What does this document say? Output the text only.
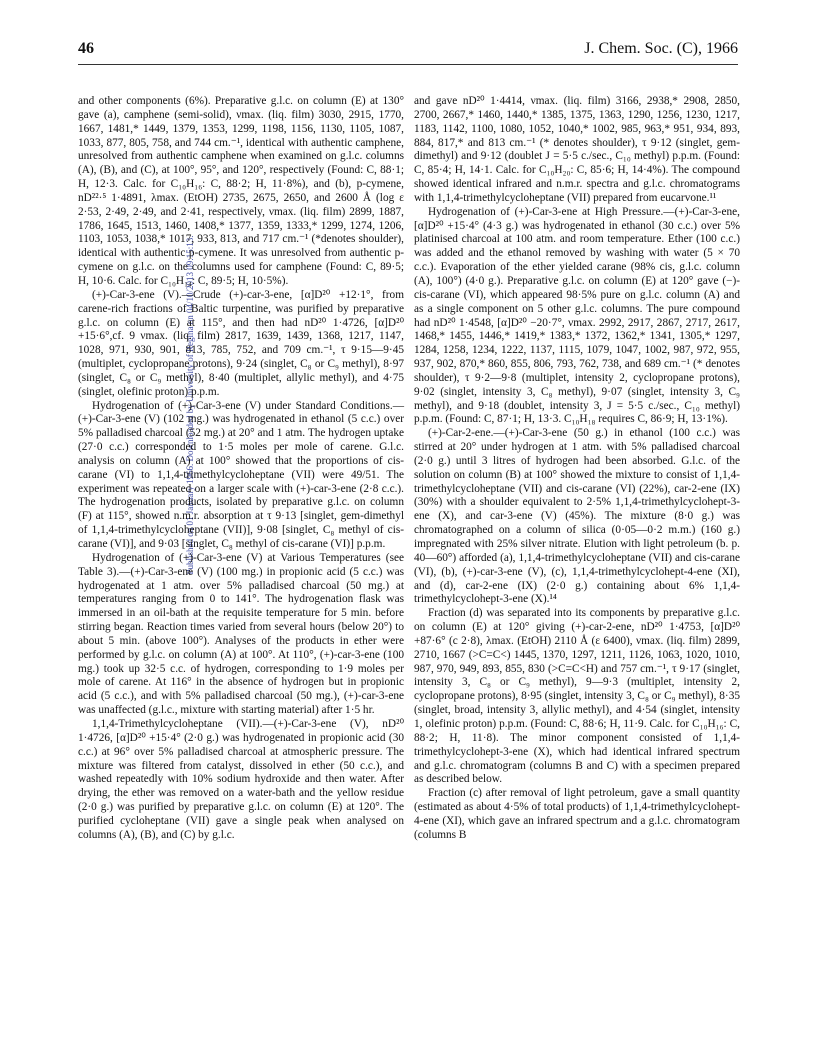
46	J. Chem. Soc. (C), 1966
Published on 01 January 1966. Downloaded by University of Regina on 04/10/2013 09:15:13.

and other components (6%). Preparative g.l.c. on column (E) at 130° gave (a), camphene (semi-solid), νmax. (liq. film) 3030, 2915, 1770, 1667, 1481,* 1449, 1379, 1353, 1299, 1198, 1156, 1130, 1105, 1087, 1033, 877, 805, 758, and 744 cm.⁻¹, identical with authentic camphene, unresolved from authentic camphene when examined on g.l.c. columns (A), (B), and (C), at 100°, 95°, and 120°, respectively (Found: C, 88·1; H, 12·3. Calc. for C₁₀H₁₆: C, 88·2; H, 11·8%), and (b), p-cymene, nD²²·⁵ 1·4891, λmax. (EtOH) 2735, 2675, 2650, and 2600 Å (log ε 2·53, 2·49, 2·49, and 2·41, respectively, νmax. (liq. film) 2899, 1887, 1786, 1645, 1513, 1460, 1408,* 1377, 1359, 1333,* 1299, 1274, 1206, 1103, 1053, 1038,* 1017, 933, 813, and 717 cm.⁻¹ (*denotes shoulder), identical with authentic p-cymene. It was unresolved from authentic p-cymene on g.l.c. on the columns used for camphene (Found: C, 89·5; H, 10·6. Calc. for C₁₀H₁₄: C, 89·5; H, 10·5%).

(+)-Car-3-ene (V).—Crude (+)-car-3-ene, [α]D²⁰ +12·1°, from carene-rich fractions of Baltic turpentine, was purified by preparative g.l.c. on column (E) at 115°, and then had nD²⁰ 1·4726, [α]D²⁰ +15·6°,cf. 9 νmax. (liq. film) 2817, 1639, 1439, 1368, 1217, 1147, 1028, 971, 930, 901, 813, 785, 752, and 709 cm.⁻¹, τ 9·15—9·45 (multiplet, cyclopropane protons), 9·24 (singlet, C₈ or C₉ methyl), 8·97 (singlet, C₈ or C₉ methyl), 8·40 (multiplet, allylic methyl), and 4·75 (singlet, olefinic proton) p.p.m.

Hydrogenation of (+)-Car-3-ene (V) under Standard Conditions.—(+)-Car-3-ene (V) (102 mg.) was hydrogenated in ethanol (5 c.c.) over 5% palladised charcoal (52 mg.) at 20° and 1 atm. The hydrogen uptake (27·0 c.c.) corresponded to 1·5 moles per mole of carene. G.l.c. analysis on column (A) at 100° showed that the proportions of cis-carane (VI) to 1,1,4-trimethylcycloheptane (VII) were 49/51. The experiment was repeated on a larger scale with (+)-car-3-ene (2·8 c.c.). The hydrogenation products, isolated by preparative g.l.c. on column (F) at 115°, showed n.m.r. absorption at τ 9·13 [singlet, gem-dimethyl of 1,1,4-trimethylcycloheptane (VII)], 9·08 [singlet, C₈ methyl of cis-carane (VI)], and 9·03 [singlet, C₈ methyl of cis-carane (VI)] p.p.m.

Hydrogenation of (+)-Car-3-ene (V) at Various Temperatures (see Table 3).—(+)-Car-3-ene (V) (100 mg.) in propionic acid (5 c.c.) was hydrogenated at 1 atm. over 5% palladised charcoal (50 mg.) at temperatures ranging from 0 to 141°. The hydrogenation flask was immersed in an oil-bath at the requisite temperature for 5 min. before stirring began. Reaction times varied from several hours (below 20°) to about 5 min. (above 100°). Analyses of the products in ether were performed by g.l.c. on column (A) at 100°. At 110°, (+)-car-3-ene (100 mg.) took up 32·5 c.c. of hydrogen, corresponding to 1·9 moles per mole of carene. At 116° in the absence of hydrogen but in propionic acid (5 c.c.), and with 5% palladised charcoal (50 mg.), (+)-car-3-ene was unaffected (g.l.c., mixture with starting material) after 1·5 hr.

1,1,4-Trimethylcycloheptane (VII).—(+)-Car-3-ene (V), nD²⁰ 1·4726, [α]D²⁰ +15·4° (2·0 g.) was hydrogenated in propionic acid (30 c.c.) at 96° over 5% palladised charcoal at atmospheric pressure. The mixture was filtered from catalyst, dissolved in ether (50 c.c.), and washed repeatedly with 10% sodium hydroxide and then water. After drying, the ether was removed on a water-bath and the yellow residue (2·0 g.) was purified by preparative g.l.c. on column (E) at 120°. The purified cycloheptane (VII) gave a single peak when analysed on columns (A), (B), and (C) by g.l.c.

and gave nD²⁰ 1·4414, νmax. (liq. film) 3166, 2938,* 2908, 2850, 2700, 2667,* 1460, 1440,* 1385, 1375, 1363, 1290, 1256, 1230, 1217, 1183, 1142, 1100, 1080, 1052, 1040,* 1002, 985, 963,* 951, 934, 893, 884, 817,* and 813 cm.⁻¹ (* denotes shoulder), τ 9·12 (singlet, gem-dimethyl) and 9·12 (doublet J = 5·5 c./sec., C₁₀ methyl) p.p.m. (Found: C, 85·4; H, 14·1. Calc. for C₁₀H₂₀: C, 85·6; H, 14·4%). The compound showed identical infrared and n.m.r. spectra and g.l.c. chromatograms with 1,1,4-trimethylcycloheptane (VII) prepared from eucarvone.¹¹

Hydrogenation of (+)-Car-3-ene at High Pressure.—(+)-Car-3-ene, [α]D²⁰ +15·4° (4·3 g.) was hydrogenated in ethanol (30 c.c.) over 5% platinised charcoal at 100 atm. and room temperature. Ether (100 c.c.) was added and the ethanol removed by washing with water (5 × 70 c.c.). Evaporation of the ether yielded carane (98% cis, g.l.c. column (A), 100°) (4·0 g.). Preparative g.l.c. on column (E) at 120° gave (−)-cis-carane (VI), which appeared 98·5% pure on g.l.c. column (A) and as a single component on 5 other g.l.c. columns. The pure compound had nD²⁰ 1·4548, [α]D²⁰ −20·7°, νmax. 2992, 2917, 2867, 2717, 2617, 1468,* 1455, 1446,* 1419,* 1383,* 1372, 1362,* 1341, 1305,* 1297, 1284, 1258, 1234, 1222, 1137, 1115, 1079, 1047, 1002, 987, 972, 955, 937, 902, 870,* 860, 855, 806, 793, 762, 738, and 689 cm.⁻¹ (* denotes shoulder), τ 9·2—9·8 (multiplet, intensity 2, cyclopropane protons), 9·02 (singlet, intensity 3, C₈ methyl), 9·07 (singlet, intensity 3, C₉ methyl), and 9·18 (doublet, intensity 3, J = 5·5 c./sec., C₁₀ methyl) p.p.m. (Found: C, 87·1; H, 13·3. C₁₀H₁₈ requires C, 86·9; H, 13·1%).

(+)-Car-2-ene.—(+)-Car-3-ene (50 g.) in ethanol (100 c.c.) was stirred at 20° under hydrogen at 1 atm. with 5% palladised charcoal (2·0 g.) until 3 litres of hydrogen had been absorbed. G.l.c. of the solution on column (B) at 100° showed the mixture to consist of 1,1,4-trimethylcycloheptane (VII) and cis-carane (VI) (22%), car-2-ene (IX) (30%) with a shoulder equivalent to 2·5% 1,1,4-trimethylcyclohept-3-ene (X), and car-3-ene (V) (45%). The mixture (8·0 g.) was chromatographed on a column of silica (0·05—0·2 m.m.) (160 g.) impregnated with 25% silver nitrate. Elution with light petroleum (b. p. 40—60°) afforded (a), 1,1,4-trimethylcycloheptane (VII) and cis-carane (VI), (b), (+)-car-3-ene (V), (c), 1,1,4-trimethylcyclohept-4-ene (XI), and (d), car-2-ene (IX) (2·0 g.) containing about 6% 1,1,4-trimethylcyclohept-3-ene (X).¹⁴

Fraction (d) was separated into its components by preparative g.l.c. on column (E) at 120° giving (+)-car-2-ene, nD²⁰ 1·4753, [α]D²⁰ +87·6° (c 2·8), λmax. (EtOH) 2110 Å (ε 6400), νmax. (liq. film) 2899, 2710, 1667 (>C=C<) 1445, 1370, 1297, 1211, 1126, 1063, 1020, 1010, 987, 970, 949, 893, 855, 830 (>C=C<H) and 757 cm.⁻¹, τ 9·17 (singlet, intensity 3, C₈ or C₉ methyl), 9—9·3 (multiplet, intensity 2, cyclopropane protons), 8·95 (singlet, intensity 3, C₈ or C₉ methyl), 8·35 (singlet, broad, intensity 3, allylic methyl), and 4·54 (singlet, intensity 1, olefinic proton) p.p.m. (Found: C, 88·6; H, 11·9. Calc. for C₁₀H₁₆: C, 88·2; H, 11·8). The minor component consisted of 1,1,4-trimethylcyclohept-3-ene (X), which had identical infrared spectrum and g.l.c. chromatogram (columns B and C) with a specimen prepared as described below.

Fraction (c) after removal of light petroleum, gave a small quantity (estimated as about 4·5% of total products) of 1,1,4-trimethylcyclohept-4-ene (XI), which gave an infrared spectrum and a g.l.c. chromatogram (columns B
